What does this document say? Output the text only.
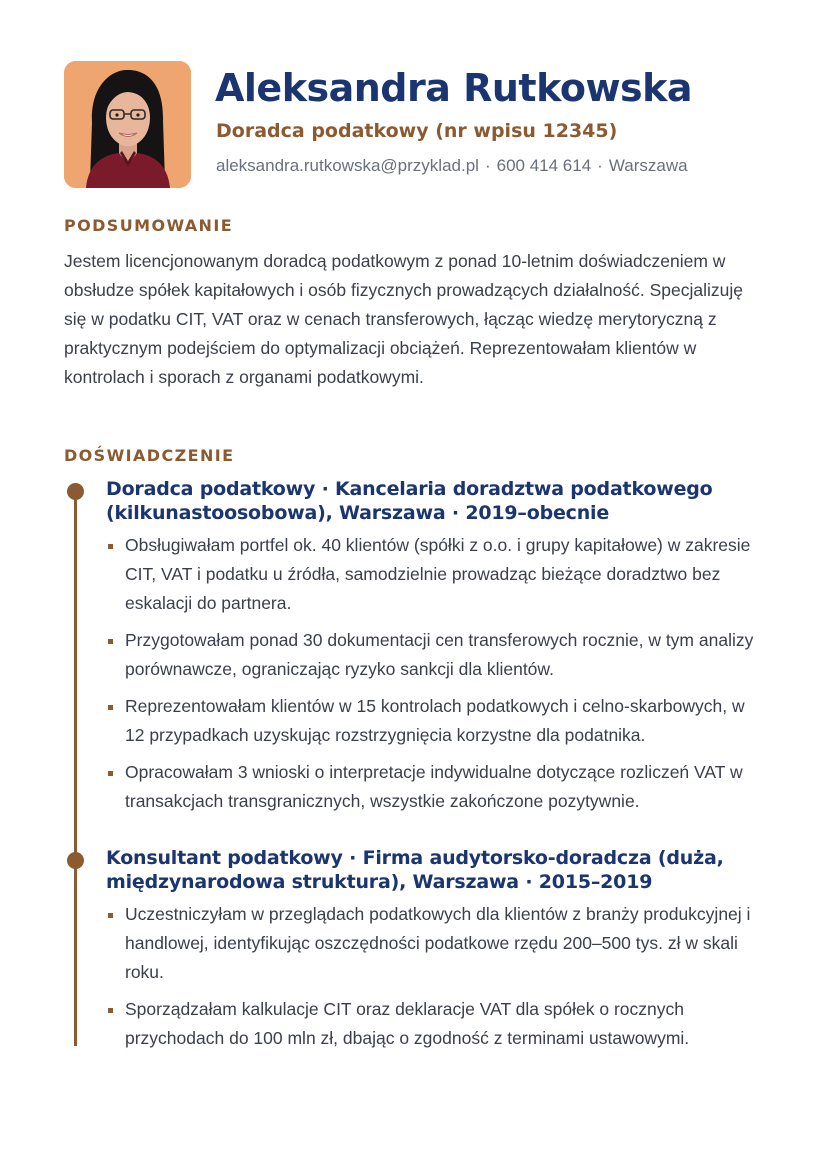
Aleksandra Rutkowska
Doradca podatkowy (nr wpisu 12345)
aleksandra.rutkowska@przyklad.pl · 600 414 614 · Warszawa
PODSUMOWANIE

Jestem licencjonowanym doradcą podatkowym z ponad 10-letnim doświadczeniem w obsłudze spółek kapitałowych i osób fizycznych prowadzących działalność. Specjalizuję się w podatku CIT, VAT oraz w cenach transferowych, łącząc wiedzę merytoryczną z praktycznym podejściem do optymalizacji obciążeń. Reprezentowałam klientów w kontrolach i sporach z organami podatkowymi.

DOŚWIADCZENIE
Doradca podatkowy · Kancelaria doradztwa podatkowego (kilkunastoosobowa), Warszawa · 2019–obecnie
Obsługiwałam portfel ok. 40 klientów (spółki z o.o. i grupy kapitałowe) w zakresie CIT, VAT i podatku u źródła, samodzielnie prowadząc bieżące doradztwo bez eskalacji do partnera.
Przygotowałam ponad 30 dokumentacji cen transferowych rocznie, w tym analizy porównawcze, ograniczając ryzyko sankcji dla klientów.
Reprezentowałam klientów w 15 kontrolach podatkowych i celno-skarbowych, w 12 przypadkach uzyskując rozstrzygnięcia korzystne dla podatnika.
Opracowałam 3 wnioski o interpretacje indywidualne dotyczące rozliczeń VAT w transakcjach transgranicznych, wszystkie zakończone pozytywnie.
Konsultant podatkowy · Firma audytorsko-doradcza (duża, międzynarodowa struktura), Warszawa · 2015–2019
Uczestniczyłam w przeglądach podatkowych dla klientów z branży produkcyjnej i handlowej, identyfikując oszczędności podatkowe rzędu 200–500 tys. zł w skali roku.
Sporządzałam kalkulacje CIT oraz deklaracje VAT dla spółek o rocznych przychodach do 100 mln zł, dbając o zgodność z terminami ustawowymi.
